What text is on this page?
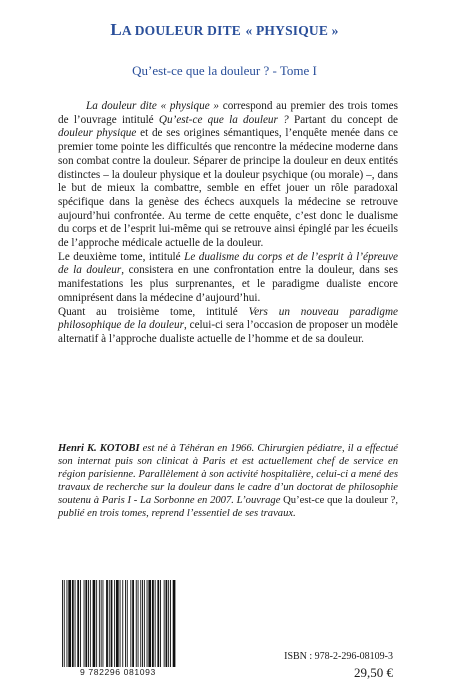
LA DOULEUR DITE « PHYSIQUE »
Qu’est-ce que la douleur ? - Tome I

La douleur dite « physique » correspond au premier des trois tomes de l’ouvrage intitulé Qu’est-ce que la douleur ? Partant du concept de douleur physique et de ses origines sémantiques, l’enquête menée dans ce premier tome pointe les difficultés que rencontre la médecine moderne dans son combat contre la douleur. Séparer de principe la douleur en deux entités distinctes – la douleur physique et la douleur psychique (ou morale) –, dans le but de mieux la combattre, semble en effet jouer un rôle paradoxal spécifique dans la genèse des échecs auxquels la médecine se retrouve aujourd’hui confrontée. Au terme de cette enquête, c’est donc le dualisme du corps et de l’esprit lui-même qui se retrouve ainsi épinglé par les écueils de l’approche médicale actuelle de la douleur.

Le deuxième tome, intitulé Le dualisme du corps et de l’esprit à l’épreuve de la douleur, consistera en une confrontation entre la douleur, dans ses manifestations les plus surprenantes, et le paradigme dualiste encore omniprésent dans la médecine d’aujourd’hui.

Quant au troisième tome, intitulé Vers un nouveau paradigme philosophique de la douleur, celui-ci sera l’occasion de proposer un modèle alternatif à l’approche dualiste actuelle de l’homme et de sa douleur.

Henri K. KOTOBI est né à Téhéran en 1966. Chirurgien pédiatre, il a effectué son internat puis son clinicat à Paris et est actuellement chef de service en région parisienne. Parallèlement à son activité hospitalière, celui-ci a mené des travaux de recherche sur la douleur dans le cadre d’un doctorat de philosophie soutenu à Paris I - La Sorbonne en 2007. L’ouvrage Qu’est-ce que la douleur ?, publié en trois tomes, reprend l’essentiel de ses travaux.
9 782296 081093
ISBN : 978-2-296-08109-3
29,50 €
